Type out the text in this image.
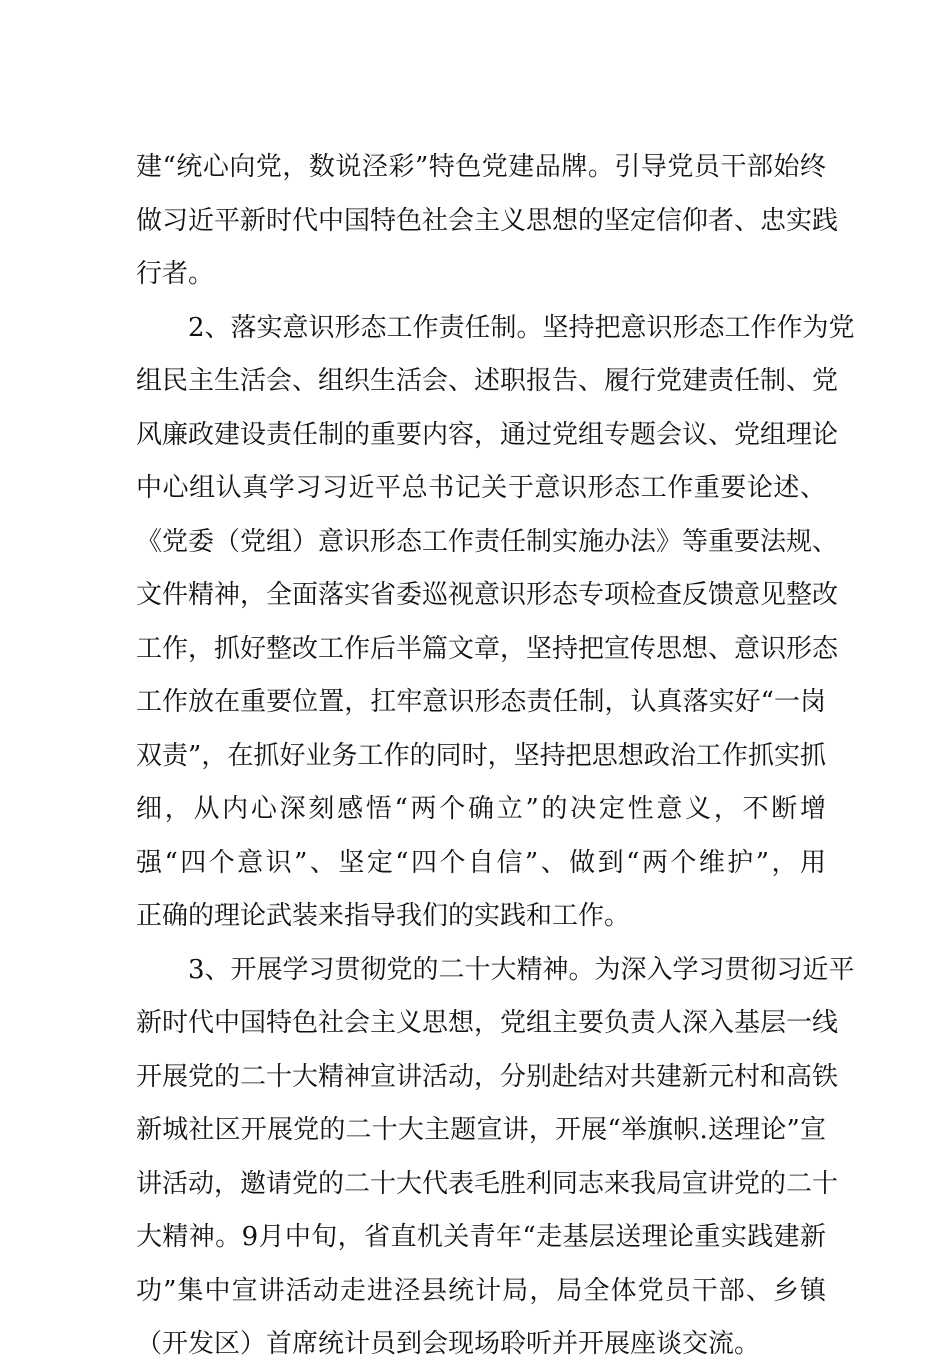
建“统心向党，数说泾彩”特色党建品牌。引导党员干部始终
做习近平新时代中国特色社会主义思想的坚定信仰者、忠实践
行者。
　　2、落实意识形态工作责任制。坚持把意识形态工作作为党
组民主生活会、组织生活会、述职报告、履行党建责任制、党
风廉政建设责任制的重要内容，通过党组专题会议、党组理论
中心组认真学习习近平总书记关于意识形态工作重要论述、
《党委（党组）意识形态工作责任制实施办法》等重要法规、
文件精神，全面落实省委巡视意识形态专项检查反馈意见整改
工作，抓好整改工作后半篇文章，坚持把宣传思想、意识形态
工作放在重要位置，扛牢意识形态责任制，认真落实好“一岗
双责”，在抓好业务工作的同时，坚持把思想政治工作抓实抓
细，从内心深刻感悟“两个确立”的决定性意义，不断增
强“四个意识”、坚定“四个自信”、做到“两个维护”，用
正确的理论武装来指导我们的实践和工作。
　　3、开展学习贯彻党的二十大精神。为深入学习贯彻习近平
新时代中国特色社会主义思想，党组主要负责人深入基层一线
开展党的二十大精神宣讲活动，分别赴结对共建新元村和高铁
新城社区开展党的二十大主题宣讲，开展“举旗帜.送理论”宣
讲活动，邀请党的二十大代表毛胜利同志来我局宣讲党的二十
大精神。9月中旬，省直机关青年“走基层送理论重实践建新
功”集中宣讲活动走进泾县统计局，局全体党员干部、乡镇
（开发区）首席统计员到会现场聆听并开展座谈交流。
